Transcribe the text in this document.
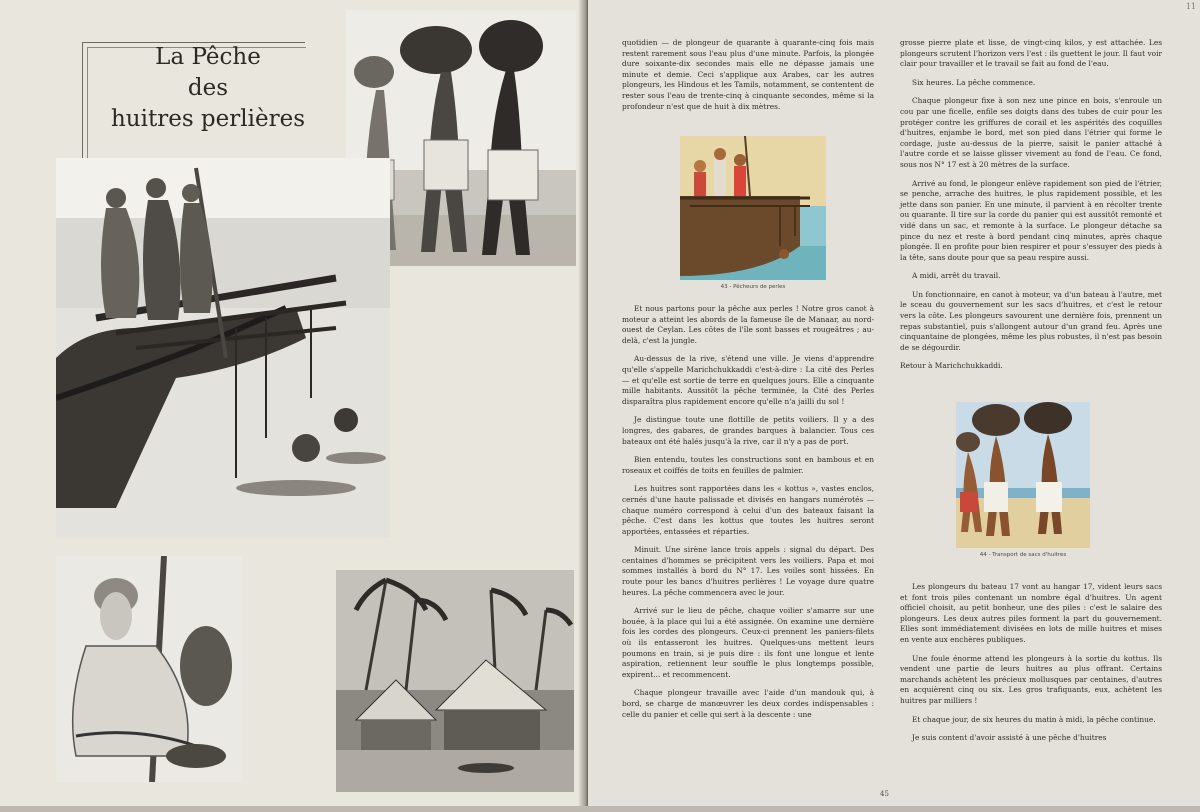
La Pêche
des
huitres perlières
11

quotidien — de plongeur de quarante à quarante-cinq fois mais restent rarement sous l'eau plus d'une minute. Parfois, la plongée dure soixante-dix secondes mais elle ne dépasse jamais une minute et demie. Ceci s'applique aux Arabes, car les autres plongeurs, les Hindous et les Tamils, notamment, se contentent de rester sous l'eau de trente-cinq à cinquante secondes, même si la profondeur n'est que de huit à dix mètres.

43 - Pêcheurs de perles

Et nous partons pour la pêche aux perles ! Notre gros canot à moteur a atteint les abords de la fameuse île de Manaar, au nord-ouest de Ceylan. Les côtes de l'île sont basses et rougeâtres ; au-delà, c'est la jungle.

Au-dessus de la rive, s'étend une ville. Je viens d'apprendre qu'elle s'appelle Marichchukkaddi c'est-à-dire : La cité des Perles — et qu'elle est sortie de terre en quelques jours. Elle a cinquante mille habitants. Aussitôt la pêche terminée, la Cité des Perles disparaîtra plus rapidement encore qu'elle n'a jailli du sol !

Je distingue toute une flottille de petits voiliers. Il y a des longres, des gabares, de grandes barques à balancier. Tous ces bateaux ont été halés jusqu'à la rive, car il n'y a pas de port.

Bien entendu, toutes les constructions sont en bambous et en roseaux et coiffés de toits en feuilles de palmier.

Les huitres sont rapportées dans les « kottus », vastes enclos, cernés d'une haute palissade et divisés en hangars numérotés — chaque numéro correspond à celui d'un des bateaux faisant la pêche. C'est dans les kottus que toutes les huitres seront apportées, entassées et réparties.

Minuit. Une sirène lance trois appels : signal du départ. Des centaines d'hommes se précipitent vers les voiliers. Papa et moi sommes installés à bord du N° 17. Les voiles sont hissées. En route pour les bancs d'huitres perlières ! Le voyage dure quatre heures. La pêche commencera avec le jour.

Arrivé sur le lieu de pêche, chaque voilier s'amarre sur une bouée, à la place qui lui a été assignée. On examine une dernière fois les cordes des plongeurs. Ceux-ci prennent les paniers-filets où ils entasseront les huitres. Quelques-uns mettent leurs poumons en train, si je puis dire : ils font une longue et lente aspiration, retiennent leur souffle le plus longtemps possible, expirent... et recommencent.

Chaque plongeur travaille avec l'aide d'un mandouk qui, à bord, se charge de manœuvrer les deux cordes indispensables : celle du panier et celle qui sert à la descente : une

grosse pierre plate et lisse, de vingt-cinq kilos, y est attachée. Les plongeurs scrutent l'horizon vers l'est : ils guettent le jour. Il faut voir clair pour travailler et le travail se fait au fond de l'eau.

Six heures. La pêche commence.

Chaque plongeur fixe à son nez une pince en bois, s'enroule un cou par une ficelle, enfile ses doigts dans des tubes de cuir pour les protéger contre les griffures de corail et les aspérités des coquilles d'huitres, enjambe le bord, met son pied dans l'étrier qui forme le cordage, juste au-dessus de la pierre, saisit le panier attaché à l'autre corde et se laisse glisser vivement au fond de l'eau. Ce fond, sous nos N° 17 est à 20 mètres de la surface.

Arrivé au fond, le plongeur enlève rapidement son pied de l'étrier, se penche, arrache des huitres, le plus rapidement possible, et les jette dans son panier. En une minute, il parvient à en récolter trente ou quarante. Il tire sur la corde du panier qui est aussitôt remonté et vidé dans un sac, et remonte à la surface. Le plongeur détache sa pince du nez et reste à bord pendant cinq minutes, après chaque plongée. Il en profite pour bien respirer et pour s'essuyer des pieds à la tête, sans doute pour que sa peau respire aussi.

A midi, arrêt du travail.

Un fonctionnaire, en canot à moteur, va d'un bateau à l'autre, met le sceau du gouvernement sur les sacs d'huitres, et c'est le retour vers la côte. Les plongeurs savourent une dernière fois, prennent un repas substantiel, puis s'allongent autour d'un grand feu. Après une cinquantaine de plongées, même les plus robustes, il n'est pas besoin de se dégourdir.

Retour à Marichchukkaddi.

44 - Transport de sacs d'huitres

Les plongeurs du bateau 17 vont au hangar 17, vident leurs sacs et font trois piles contenant un nombre égal d'huitres. Un agent officiel choisit, au petit bonheur, une des piles : c'est le salaire des plongeurs. Les deux autres piles forment la part du gouvernement. Elles sont immédiatement divisées en lots de mille huitres et mises en vente aux enchères publiques.

Une foule énorme attend les plongeurs à la sortie du kottus. Ils vendent une partie de leurs huitres au plus offrant. Certains marchands achètent les précieux mollusques par centaines, d'autres en acquièrent cinq ou six. Les gros trafiquants, eux, achètent les huitres par milliers !

Et chaque jour, de six heures du matin à midi, la pêche continue.

Je suis content d'avoir assisté à une pêche d'huitres

45
